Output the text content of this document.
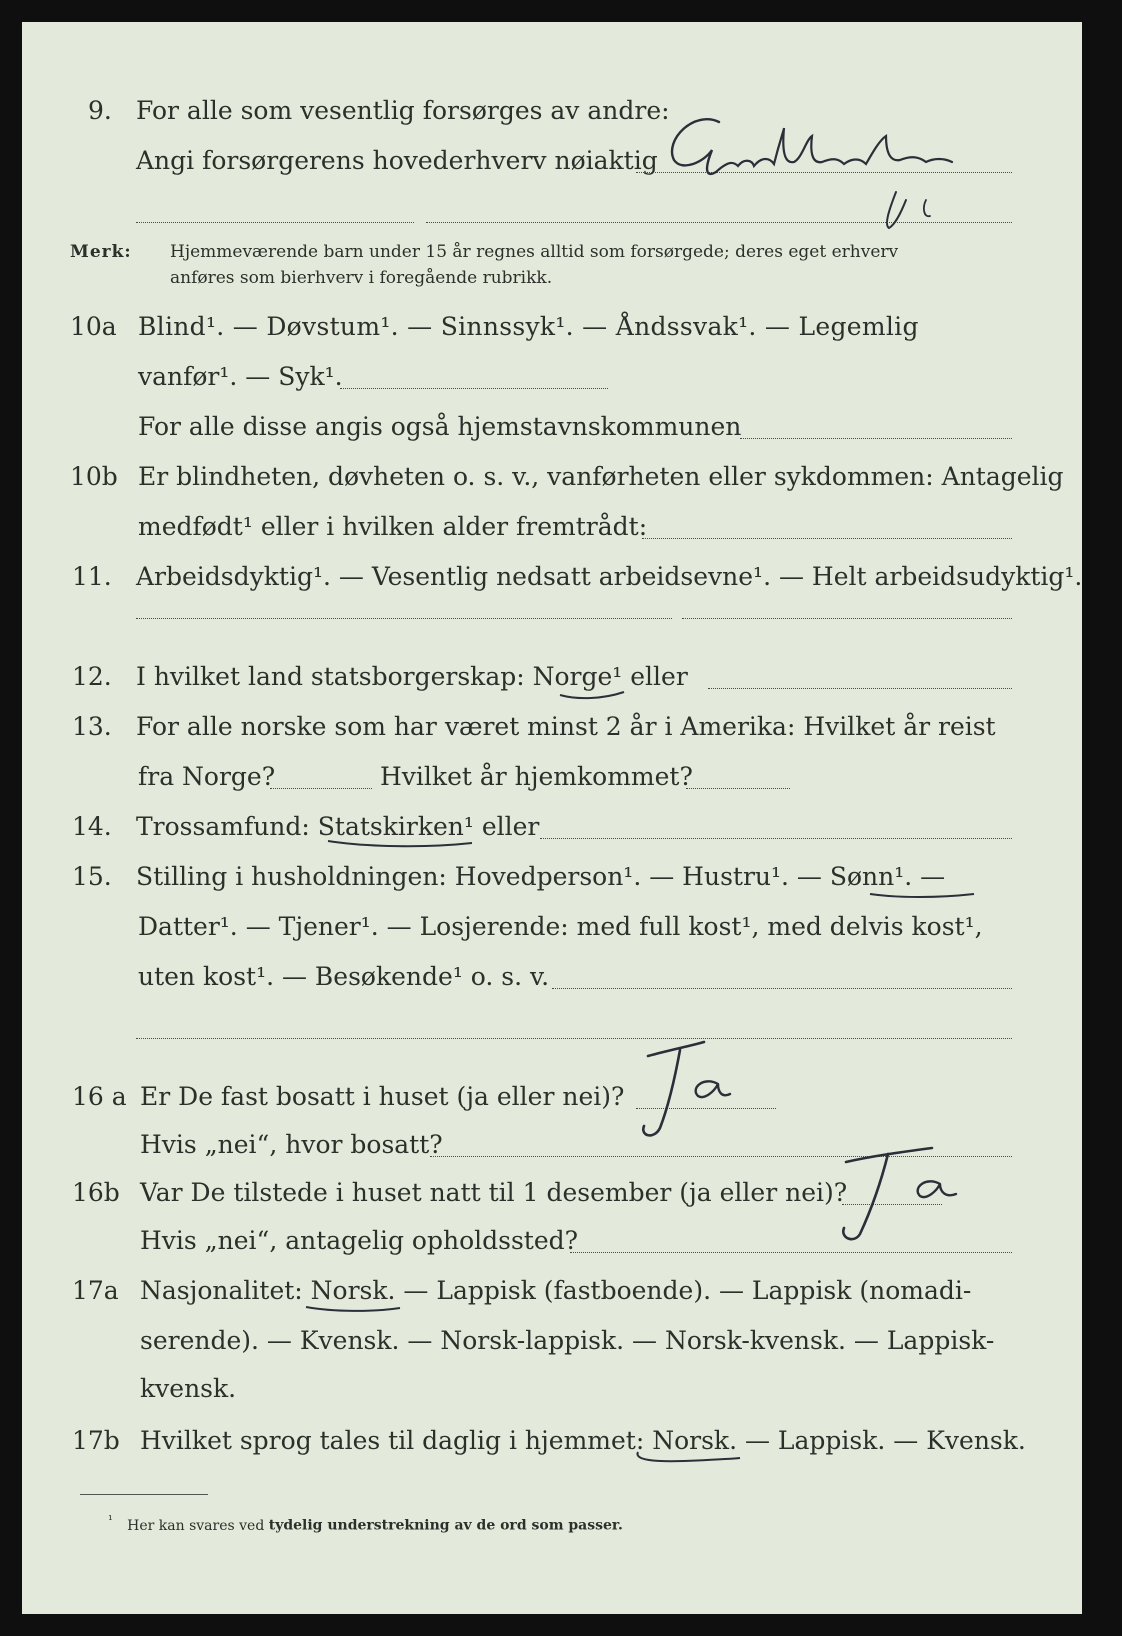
9. For alle som vesentlig forsørges av andre:
Angi forsørgerens hovederhverv nøiaktig
Merk: Hjemmeværende barn under 15 år regnes alltid som forsørgede; deres eget erhverv
anføres som bierhverv i foregående rubrikk.
10a Blind¹. — Døvstum¹. — Sinnssyk¹. — Åndssvak¹. — Legemlig
vanfør¹. — Syk¹.
For alle disse angis også hjemstavnskommunen
10b Er blindheten, døvheten o. s. v., vanførheten eller sykdommen: Antagelig
medfødt¹ eller i hvilken alder fremtrådt:
11. Arbeidsdyktig¹. — Vesentlig nedsatt arbeidsevne¹. — Helt arbeidsudyktig¹.
12. I hvilket land statsborgerskap: Norge¹ eller
13. For alle norske som har været minst 2 år i Amerika: Hvilket år reist
fra Norge?	Hvilket år hjemkommet?
14. Trossamfund: Statskirken¹ eller
15. Stilling i husholdningen: Hovedperson¹. — Hustru¹. — Sønn¹. —
Datter¹. — Tjener¹. — Losjerende: med full kost¹, med delvis kost¹,
uten kost¹. — Besøkende¹ o. s. v.
16 a Er De fast bosatt i huset (ja eller nei)?
Hvis „nei“, hvor bosatt?
16b Var De tilstede i huset natt til 1 desember (ja eller nei)?
Hvis „nei“, antagelig opholdssted?
17a Nasjonalitet: Norsk. — Lappisk (fastboende). — Lappisk (nomadi-
serende). — Kvensk. — Norsk-lappisk. — Norsk-kvensk. — Lappisk-
kvensk.
17b Hvilket sprog tales til daglig i hjemmet: Norsk. — Lappisk. — Kvensk.
$^{^1}$ Her kan svares ved tydelig understrekning av de ord som passer.
